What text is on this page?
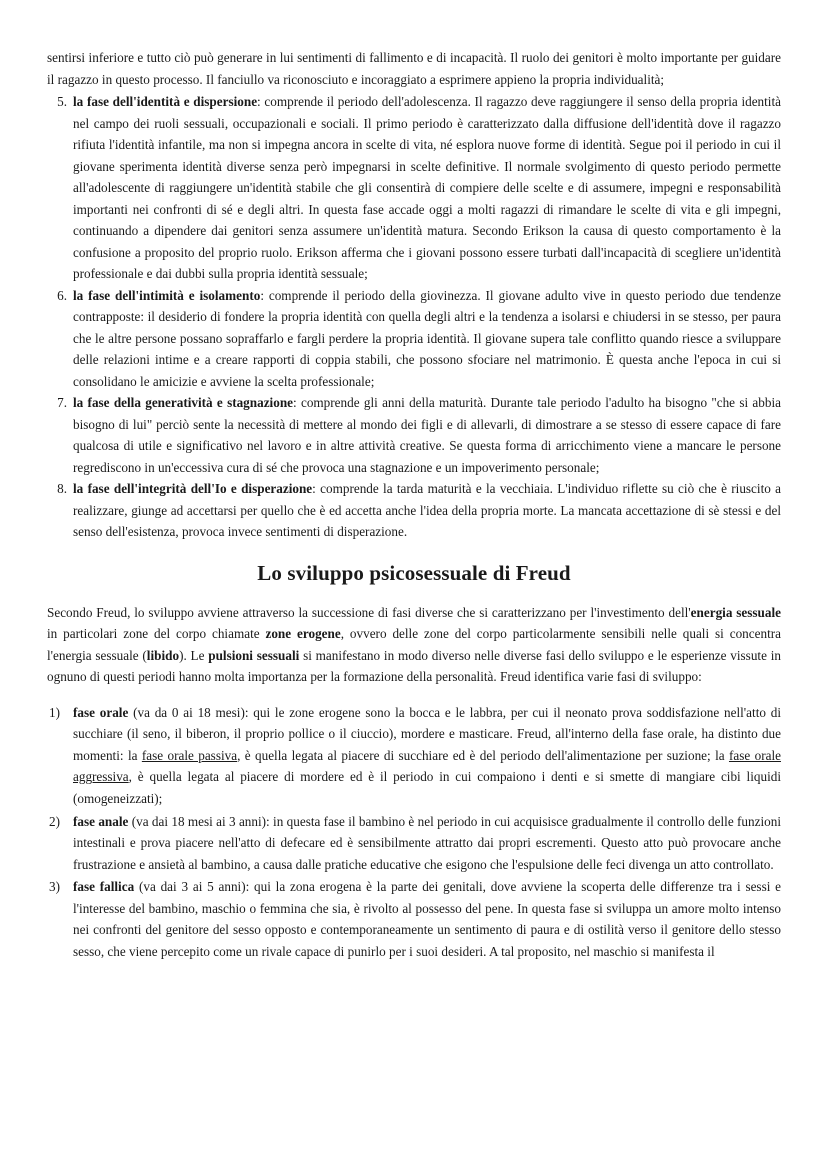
sentirsi inferiore e tutto ciò può generare in lui sentimenti di fallimento e di incapacità. Il ruolo dei genitori è molto importante per guidare il ragazzo in questo processo. Il fanciullo va riconosciuto e incoraggiato a esprimere appieno la propria individualità;

5. la fase dell'identità e dispersione: comprende il periodo dell'adolescenza. Il ragazzo deve raggiungere il senso della propria identità nel campo dei ruoli sessuali, occupazionali e sociali. Il primo periodo è caratterizzato dalla diffusione dell'identità dove il ragazzo rifiuta l'identità infantile, ma non si impegna ancora in scelte di vita, né esplora nuove forme di identità. Segue poi il periodo in cui il giovane sperimenta identità diverse senza però impegnarsi in scelte definitive. Il normale svolgimento di questo periodo permette all'adolescente di raggiungere un'identità stabile che gli consentirà di compiere delle scelte e di assumere, impegni e responsabilità importanti nei confronti di sé e degli altri. In questa fase accade oggi a molti ragazzi di rimandare le scelte di vita e gli impegni, continuando a dipendere dai genitori senza assumere un'identità matura. Secondo Erikson la causa di questo comportamento è la confusione a proposito del proprio ruolo. Erikson afferma che i giovani possono essere turbati dall'incapacità di scegliere un'identità professionale e dai dubbi sulla propria identità sessuale;
6. la fase dell'intimità e isolamento: comprende il periodo della giovinezza. Il giovane adulto vive in questo periodo due tendenze contrapposte: il desiderio di fondere la propria identità con quella degli altri e la tendenza a isolarsi e chiudersi in se stesso, per paura che le altre persone possano sopraffarlo e fargli perdere la propria identità. Il giovane supera tale conflitto quando riesce a sviluppare delle relazioni intime e a creare rapporti di coppia stabili, che possono sfociare nel matrimonio. È questa anche l'epoca in cui si consolidano le amicizie e avviene la scelta professionale;
7. la fase della generatività e stagnazione: comprende gli anni della maturità. Durante tale periodo l'adulto ha bisogno "che si abbia bisogno di lui" perciò sente la necessità di mettere al mondo dei figli e di allevarli, di dimostrare a se stesso di essere capace di fare qualcosa di utile e significativo nel lavoro e in altre attività creative. Se questa forma di arricchimento viene a mancare le persone regrediscono in un'eccessiva cura di sé che provoca una stagnazione e un impoverimento personale;
8. la fase dell'integrità dell'Io e disperazione: comprende la tarda maturità e la vecchiaia. L'individuo riflette su ciò che è riuscito a realizzare, giunge ad accettarsi per quello che è ed accetta anche l'idea della propria morte. La mancata accettazione di sè stessi e del senso dell'esistenza, provoca invece sentimenti di disperazione.
Lo sviluppo psicosessuale di Freud

Secondo Freud, lo sviluppo avviene attraverso la successione di fasi diverse che si caratterizzano per l'investimento dell'energia sessuale in particolari zone del corpo chiamate zone erogene, ovvero delle zone del corpo particolarmente sensibili nelle quali si concentra l'energia sessuale (libido). Le pulsioni sessuali si manifestano in modo diverso nelle diverse fasi dello sviluppo e le esperienze vissute in ognuno di questi periodi hanno molta importanza per la formazione della personalità. Freud identifica varie fasi di sviluppo:

1) fase orale (va da 0 ai 18 mesi): qui le zone erogene sono la bocca e le labbra, per cui il neonato prova soddisfazione nell'atto di succhiare (il seno, il biberon, il proprio pollice o il ciuccio), mordere e masticare. Freud, all'interno della fase orale, ha distinto due momenti: la fase orale passiva, è quella legata al piacere di succhiare ed è del periodo dell'alimentazione per suzione; la fase orale aggressiva, è quella legata al piacere di mordere ed è il periodo in cui compaiono i denti e si smette di mangiare cibi liquidi (omogeneizzati);
2) fase anale (va dai 18 mesi ai 3 anni): in questa fase il bambino è nel periodo in cui acquisisce gradualmente il controllo delle funzioni intestinali e prova piacere nell'atto di defecare ed è sensibilmente attratto dai propri escrementi. Questo atto può provocare anche frustrazione e ansietà al bambino, a causa dalle pratiche educative che esigono che l'espulsione delle feci divenga un atto controllato.
3) fase fallica (va dai 3 ai 5 anni): qui la zona erogena è la parte dei genitali, dove avviene la scoperta delle differenze tra i sessi e l'interesse del bambino, maschio o femmina che sia, è rivolto al possesso del pene. In questa fase si sviluppa un amore molto intenso nei confronti del genitore del sesso opposto e contemporaneamente un sentimento di paura e di ostilità verso il genitore dello stesso sesso, che viene percepito come un rivale capace di punirlo per i suoi desideri. A tal proposito, nel maschio si manifesta il
